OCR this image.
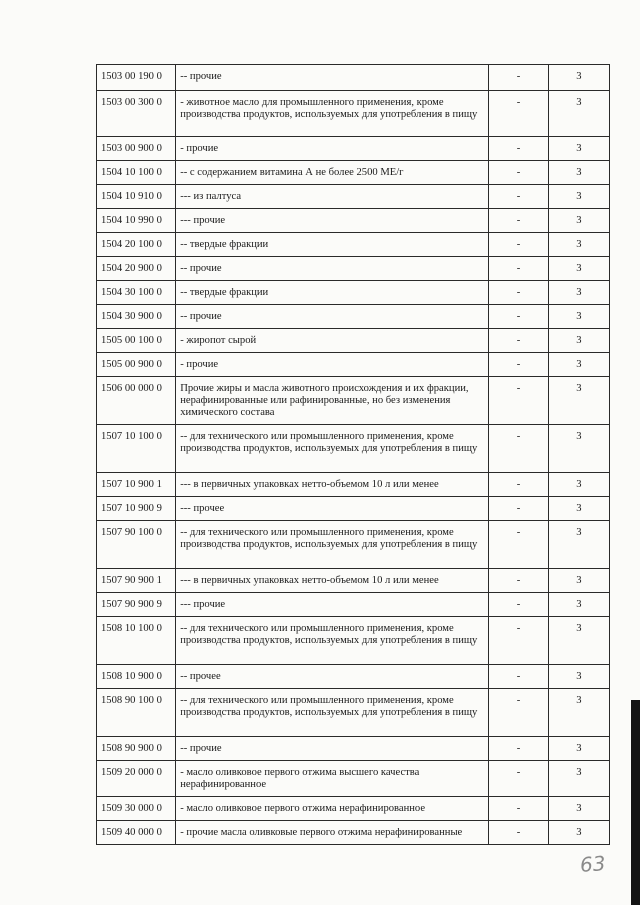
1503 00 190 0	-- прочие	-	3
1503 00 300 0	- животное масло для промышленного применения, кроме производства продуктов, используемых для употребления в пищу	-	3
1503 00 900 0	- прочие	-	3
1504 10 100 0	-- с содержанием витамина А не более 2500 МЕ/г	-	3
1504 10 910 0	--- из палтуса	-	3
1504 10 990 0	--- прочие	-	3
1504 20 100 0	-- твердые фракции	-	3
1504 20 900 0	-- прочие	-	3
1504 30 100 0	-- твердые фракции	-	3
1504 30 900 0	-- прочие	-	3
1505 00 100 0	- жиропот сырой	-	3
1505 00 900 0	- прочие	-	3
1506 00 000 0	Прочие жиры и масла животного происхождения и их фракции, нерафинированные или рафинированные, но без изменения химического состава	-	3
1507 10 100 0	-- для технического или промышленного применения, кроме производства продуктов, используемых для употребления в пищу	-	3
1507 10 900 1	--- в первичных упаковках нетто-объемом 10 л или менее	-	3
1507 10 900 9	--- прочее	-	3
1507 90 100 0	-- для технического или промышленного применения, кроме производства продуктов, используемых для употребления в пищу	-	3
1507 90 900 1	--- в первичных упаковках нетто-объемом 10 л или менее	-	3
1507 90 900 9	--- прочие	-	3
1508 10 100 0	-- для технического или промышленного применения, кроме производства продуктов, используемых для употребления в пищу	-	3
1508 10 900 0	-- прочее	-	3
1508 90 100 0	-- для технического или промышленного применения, кроме производства продуктов, используемых для употребления в пищу	-	3
1508 90 900 0	-- прочие	-	3
1509 20 000 0	- масло оливковое первого отжима высшего качества нерафинированное	-	3
1509 30 000 0	- масло оливковое первого отжима нерафинированное	-	3
1509 40 000 0	- прочие масла оливковые первого отжима нерафинированные	-	3
63
